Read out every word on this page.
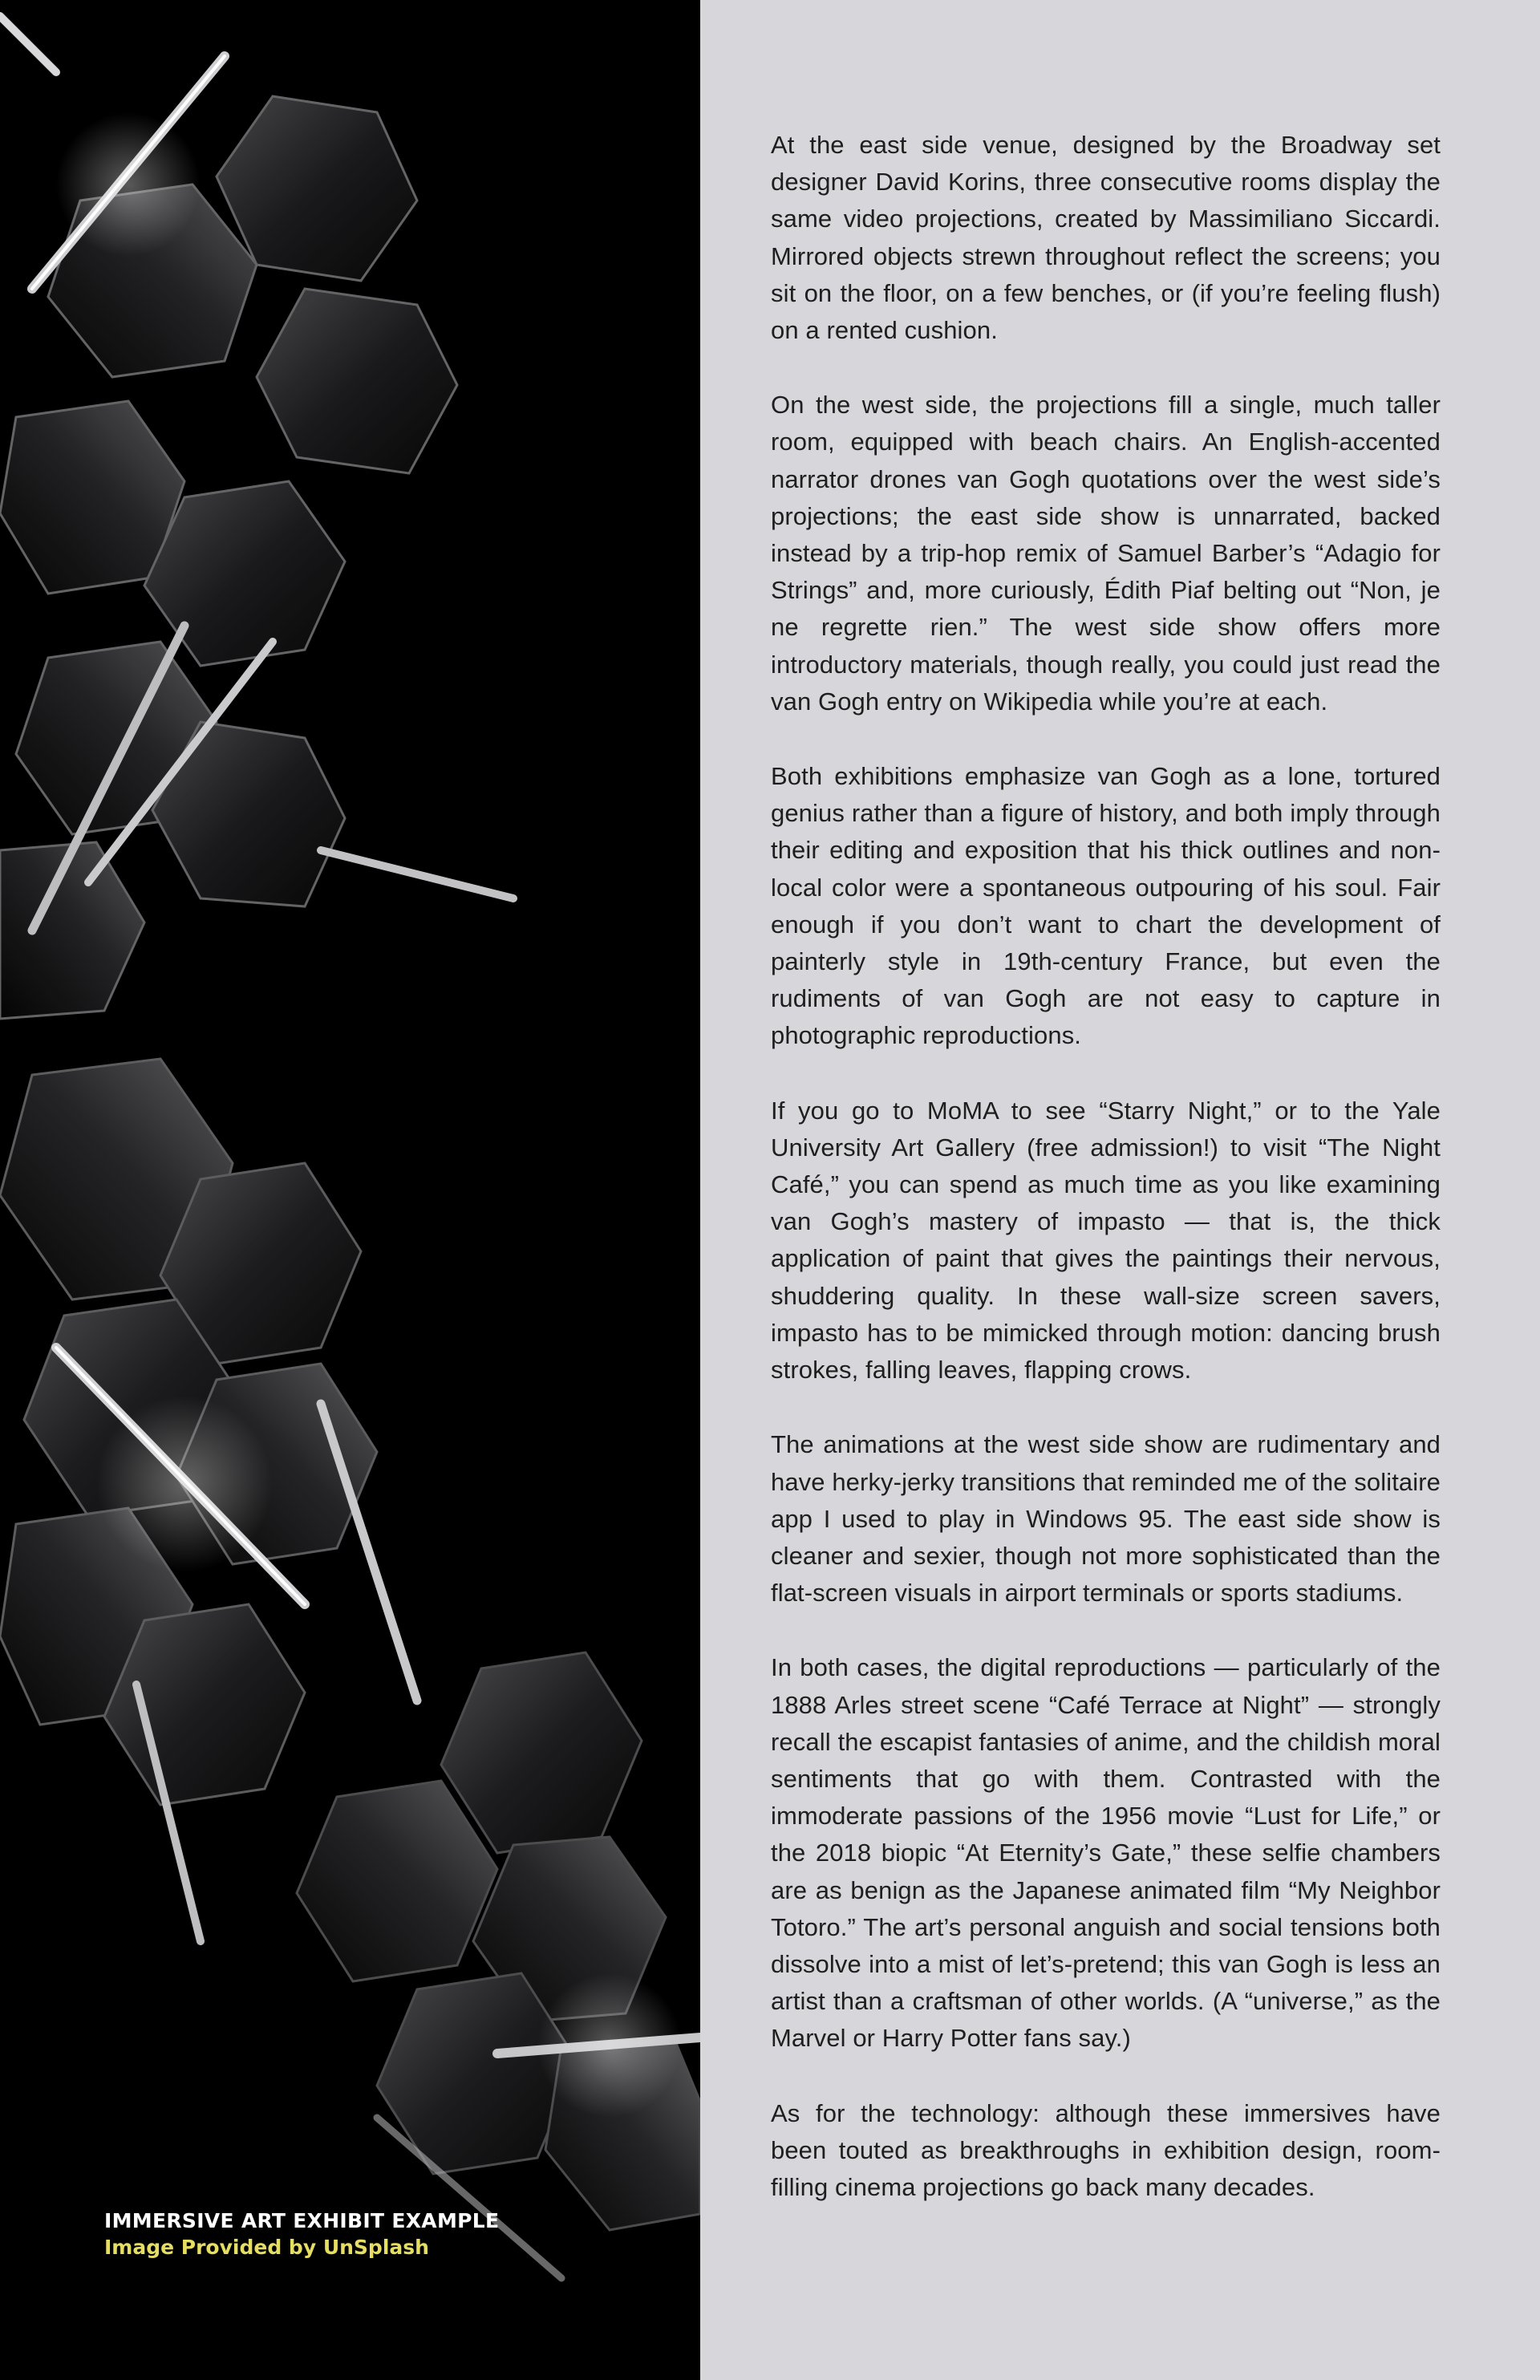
IMMERSIVE ART EXHIBIT EXAMPLE
Image Provided by UnSplash

At the east side venue, designed by the Broadway set designer David Korins, three consecutive rooms display the same video projections, created by Massimiliano Siccardi. Mirrored objects strewn throughout reflect the screens; you sit on the floor, on a few benches, or (if you’re feeling flush) on a rented cushion.

On the west side, the projections fill a single, much taller room, equipped with beach chairs. An English-accented narrator drones van Gogh quotations over the west side’s projections; the east side show is unnarrated, backed instead by a trip-hop remix of Samuel Barber’s “Adagio for Strings” and, more curiously, Édith Piaf belting out “Non, je ne regrette rien.” The west side show offers more introductory materials, though really, you could just read the van Gogh entry on Wikipedia while you’re at each.

Both exhibitions emphasize van Gogh as a lone, tortured genius rather than a figure of history, and both imply through their editing and exposition that his thick outlines and non-local color were a spontaneous outpouring of his soul. Fair enough if you don’t want to chart the development of painterly style in 19th-century France, but even the rudiments of van Gogh are not easy to capture in photographic reproductions.

If you go to MoMA to see “Starry Night,” or to the Yale University Art Gallery (free admission!) to visit “The Night Café,” you can spend as much time as you like examining van Gogh’s mastery of impasto — that is, the thick application of paint that gives the paintings their nervous, shuddering quality. In these wall-size screen savers, impasto has to be mimicked through motion: dancing brush strokes, falling leaves, flapping crows.

The animations at the west side show are rudimentary and have herky-jerky transitions that reminded me of the solitaire app I used to play in Windows 95. The east side show is cleaner and sexier, though not more sophisticated than the flat-screen visuals in airport terminals or sports stadiums.

In both cases, the digital reproductions — particularly of the 1888 Arles street scene “Café Terrace at Night” — strongly recall the escapist fantasies of anime, and the childish moral sentiments that go with them. Contrasted with the immoderate passions of the 1956 movie “Lust for Life,” or the 2018 biopic “At Eternity’s Gate,” these selfie chambers are as benign as the Japanese animated film “My Neighbor Totoro.” The art’s personal anguish and social tensions both dissolve into a mist of let’s-pretend; this van Gogh is less an artist than a craftsman of other worlds. (A “universe,” as the Marvel or Harry Potter fans say.)

As for the technology: although these immersives have been touted as breakthroughs in exhibition design, room-filling cinema projections go back many decades.
